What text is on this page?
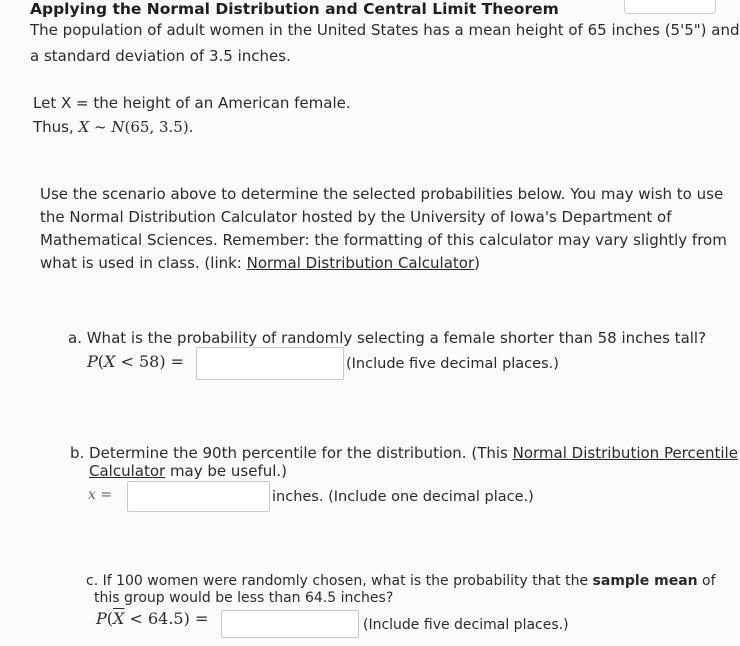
Applying the Normal Distribution and Central Limit Theorem
The population of adult women in the United States has a mean height of 65 inches (5'5") and
a standard deviation of 3.5 inches.
Let X = the height of an American female.
Thus, X ~ N(65, 3.5).
Use the scenario above to determine the selected probabilities below. You may wish to use
the Normal Distribution Calculator hosted by the University of Iowa's Department of
Mathematical Sciences. Remember: the formatting of this calculator may vary slightly from
what is used in class. (link: Normal Distribution Calculator)
a. What is the probability of randomly selecting a female shorter than 58 inches tall?
P(X < 58) =	(Include five decimal places.)
b. Determine the 90th percentile for the distribution. (This Normal Distribution Percentile
Calculator may be useful.)
x =	inches. (Include one decimal place.)
c. If 100 women were randomly chosen, what is the probability that the sample mean of
this group would be less than 64.5 inches?
$P(\overline{X} < 64.5)$ =	(Include five decimal places.)
